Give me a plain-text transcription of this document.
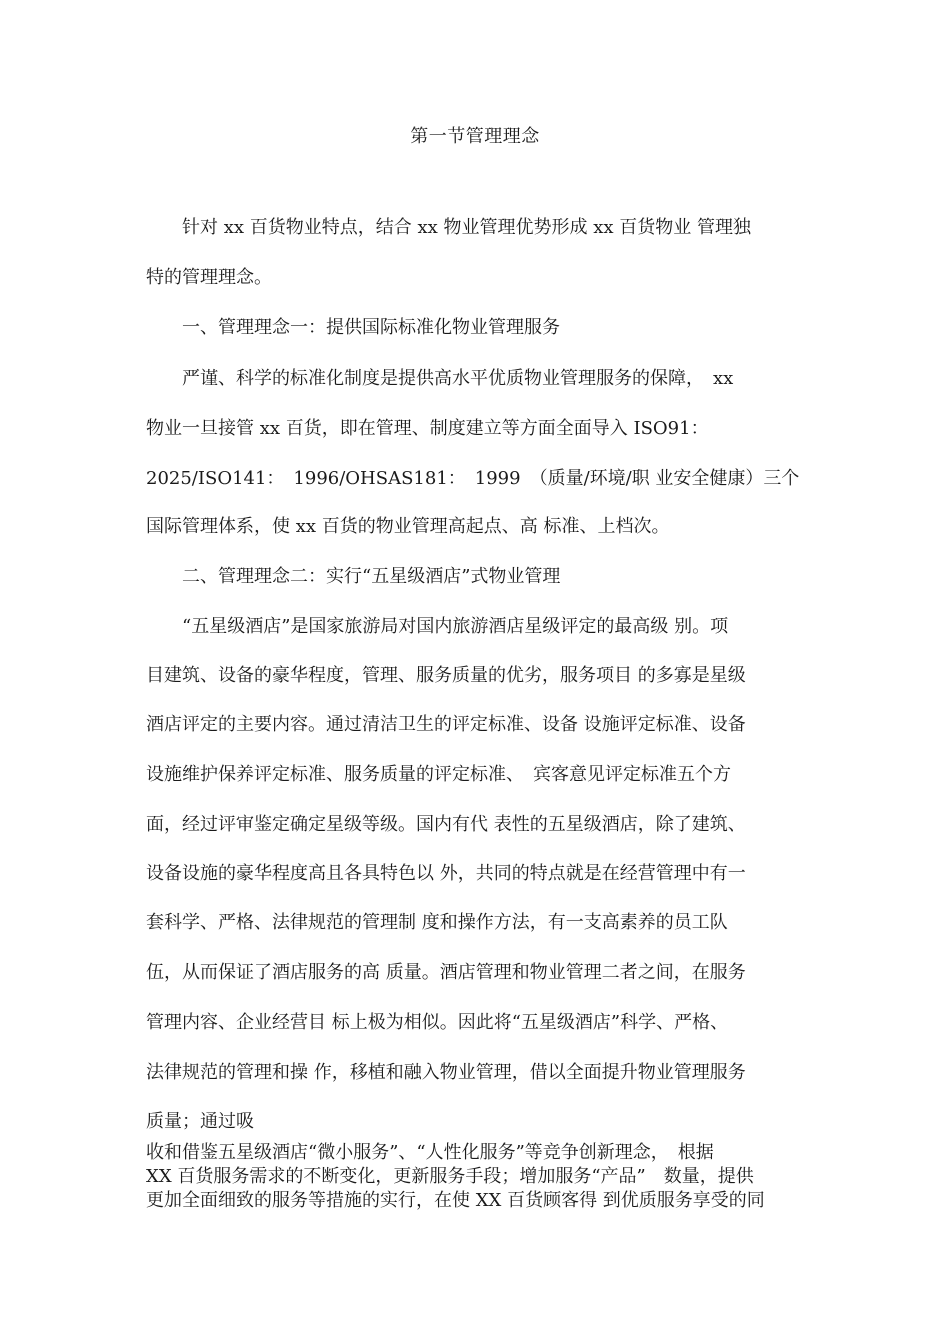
第一节管理理念
　　针对 xx 百货物业特点，结合 xx 物业管理优势形成 xx 百货物业 管理独
特的管理理念。
　　一、管理理念一：提供国际标准化物业管理服务
　　严谨、科学的标准化制度是提供高水平优质物业管理服务的保障，　xx
物业一旦接管 xx 百货，即在管理、制度建立等方面全面导入 ISO91：
2025/ISO141：　1996/OHSAS181：　1999　（质量/环境/职 业安全健康）三个
国际管理体系，使 xx 百货的物业管理高起点、高 标准、上档次。
　　二、管理理念二：实行“五星级酒店”式物业管理
　　“五星级酒店”是国家旅游局对国内旅游酒店星级评定的最高级 别。项
目建筑、设备的豪华程度，管理、服务质量的优劣，服务项目 的多寡是星级
酒店评定的主要内容。通过清洁卫生的评定标准、设备 设施评定标准、设备
设施维护保养评定标准、服务质量的评定标准、　宾客意见评定标准五个方
面，经过评审鉴定确定星级等级。国内有代 表性的五星级酒店，除了建筑、
设备设施的豪华程度高且各具特色以 外，共同的特点就是在经营管理中有一
套科学、严格、法律规范的管理制 度和操作方法，有一支高素养的员工队
伍，从而保证了酒店服务的高 质量。酒店管理和物业管理二者之间，在服务
管理内容、企业经营目 标上极为相似。因此将“五星级酒店”科学、严格、
法律规范的管理和操 作，移植和融入物业管理，借以全面提升物业管理服务
质量；通过吸
收和借鉴五星级酒店“微小服务”、“人性化服务”等竞争创新理念，　根据
XX 百货服务需求的不断变化，更新服务手段；增加服务“产品”　数量，提供
更加全面细致的服务等措施的实行，在使 XX 百货顾客得 到优质服务享受的同
